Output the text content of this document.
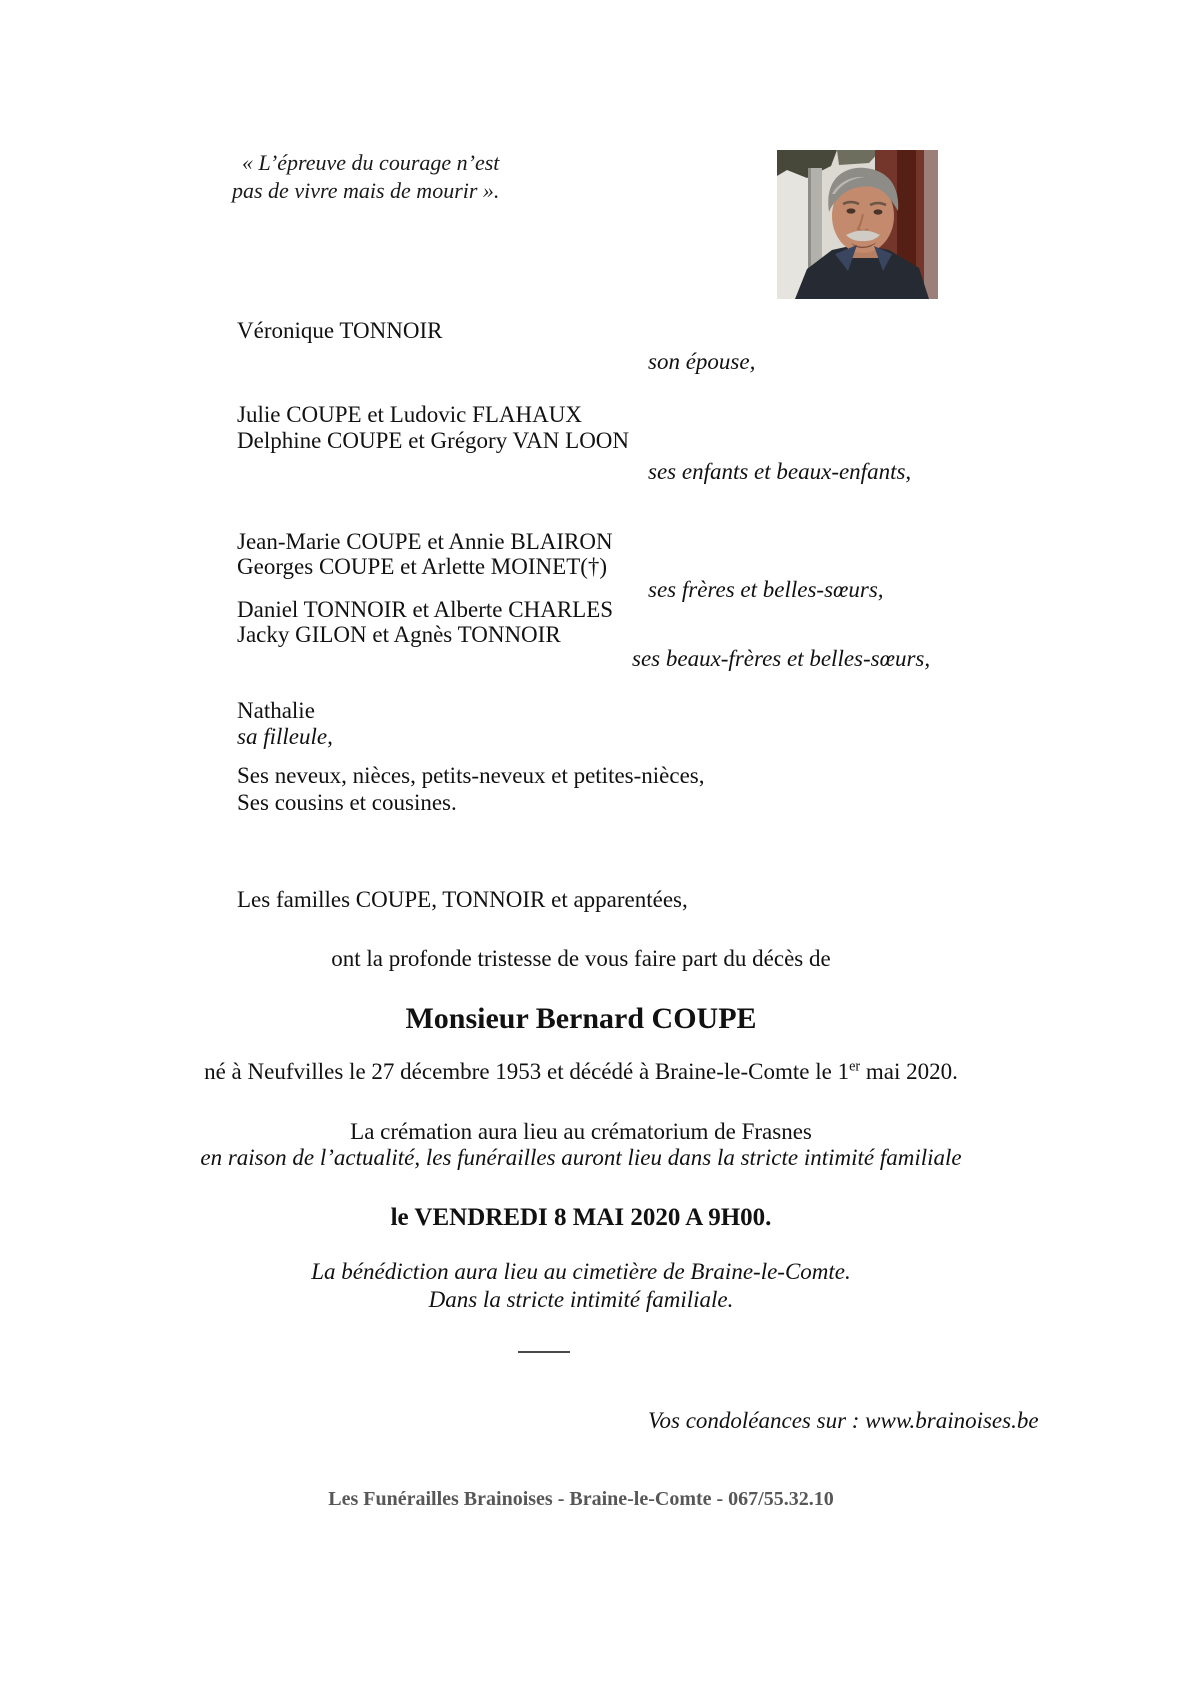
« L’épreuve du courage n’est
pas de vivre mais de mourir ».
Véronique TONNOIR
son épouse,
Julie COUPE et Ludovic FLAHAUX
Delphine COUPE et Grégory VAN LOON
ses enfants et beaux-enfants,
Jean-Marie COUPE et Annie BLAIRON
Georges COUPE et Arlette MOINET(†)
ses frères et belles-sœurs,
Daniel TONNOIR et Alberte CHARLES
Jacky GILON et Agnès TONNOIR
ses beaux-frères et belles-sœurs,
Nathalie
sa filleule,
Ses neveux, nièces, petits-neveux et petites-nièces,
Ses cousins et cousines.
Les familles COUPE, TONNOIR et apparentées,
ont la profonde tristesse de vous faire part du décès de
Monsieur Bernard COUPE
né à Neufvilles le 27 décembre 1953 et décédé à Braine-le-Comte le 1er mai 2020.
La crémation aura lieu au crématorium de Frasnes
en raison de l’actualité, les funérailles auront lieu dans la stricte intimité familiale
le VENDREDI 8 MAI 2020 A 9H00.
La bénédiction aura lieu au cimetière de Braine-le-Comte.
Dans la stricte intimité familiale.
Vos condoléances sur : www.brainoises.be
Les Funérailles Brainoises - Braine-le-Comte - 067/55.32.10
